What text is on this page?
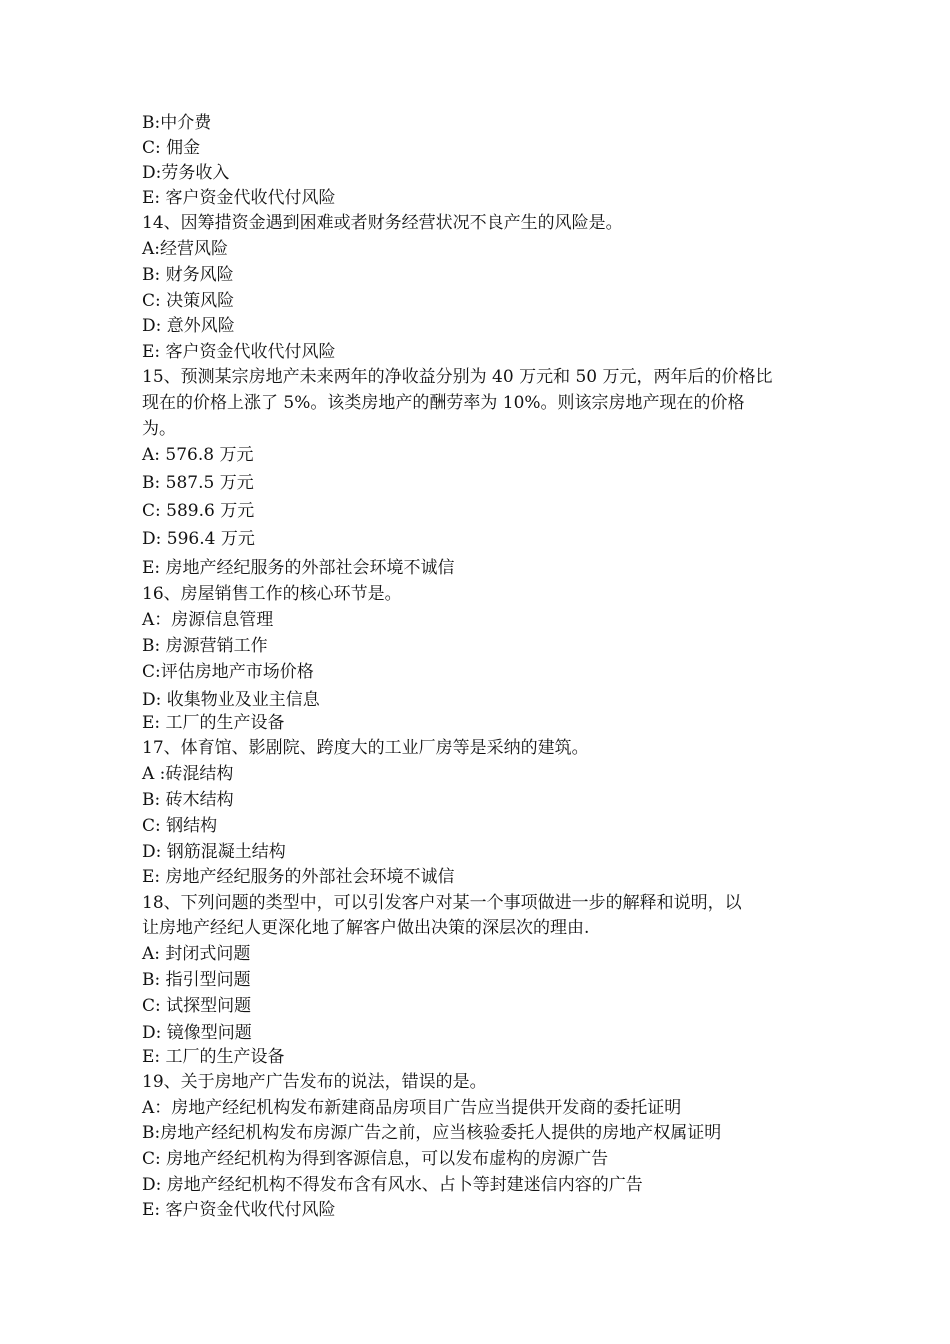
B:中介费
C: 佣金
D:劳务收入
E: 客户资金代收代付风险
14、因筹措资金遇到困难或者财务经营状况不良产生的风险是。
A:经营风险
B: 财务风险
C: 决策风险
D: 意外风险
E: 客户资金代收代付风险
15、预测某宗房地产未来两年的净收益分别为 40 万元和 50 万元，两年后的价格比
现在的价格上涨了 5%。该类房地产的酬劳率为 10%。则该宗房地产现在的价格
为。
A: 576.8 万元
B: 587.5 万元
C: 589.6 万元
D: 596.4 万元
E: 房地产经纪服务的外部社会环境不诚信
16、房屋销售工作的核心环节是。
A：房源信息管理
B: 房源营销工作
C:评估房地产市场价格
D: 收集物业及业主信息
E: 工厂的生产设备
17、体育馆、影剧院、跨度大的工业厂房等是采纳的建筑。
A :砖混结构
B: 砖木结构
C: 钢结构
D: 钢筋混凝土结构
E: 房地产经纪服务的外部社会环境不诚信
18、下列问题的类型中，可以引发客户对某一个事项做进一步的解释和说明，以
让房地产经纪人更深化地了解客户做出决策的深层次的理由.
A: 封闭式问题
B: 指引型问题
C: 试探型问题
D: 镜像型问题
E: 工厂的生产设备
19、关于房地产广告发布的说法，错误的是。
A：房地产经纪机构发布新建商品房项目广告应当提供开发商的委托证明
B:房地产经纪机构发布房源广告之前，应当核验委托人提供的房地产权属证明
C: 房地产经纪机构为得到客源信息，可以发布虚构的房源广告
D: 房地产经纪机构不得发布含有风水、占卜等封建迷信内容的广告
E: 客户资金代收代付风险
